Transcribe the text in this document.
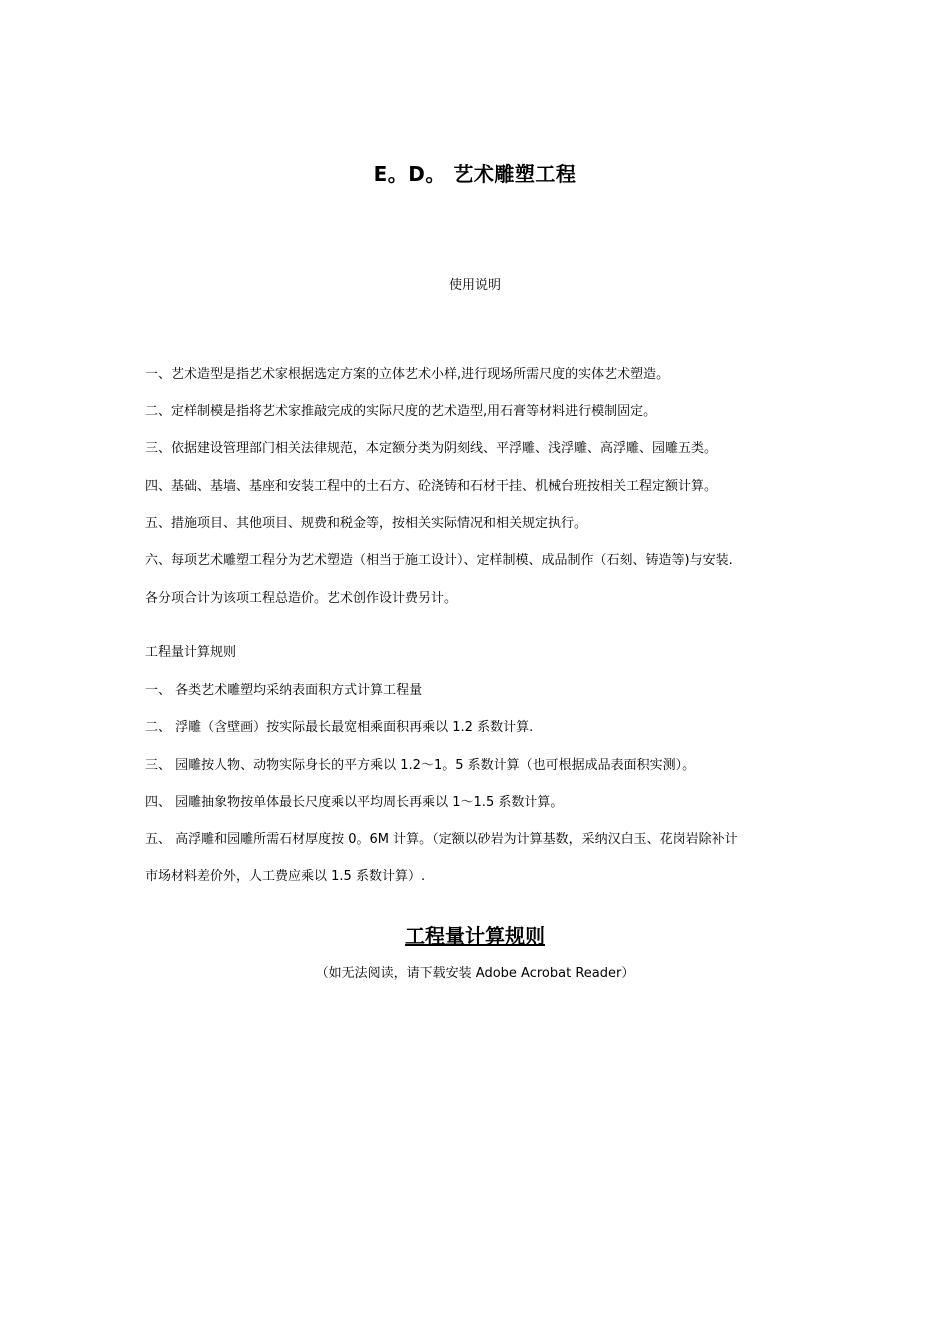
E。D。 艺术雕塑工程
使用说明
一、艺术造型是指艺术家根据选定方案的立体艺术小样,进行现场所需尺度的实体艺术塑造。
二、定样制模是指将艺术家推敲完成的实际尺度的艺术造型,用石膏等材料进行模制固定。
三、依据建设管理部门相关法律规范，本定额分类为阴刻线、平浮雕、浅浮雕、高浮雕、园雕五类。
四、基础、基墙、基座和安装工程中的土石方、砼浇铸和石材干挂、机械台班按相关工程定额计算。
五、措施项目、其他项目、规费和税金等，按相关实际情况和相关规定执行。
六、每项艺术雕塑工程分为艺术塑造（相当于施工设计）、定样制模、成品制作（石刻、铸造等)与安装.
各分项合计为该项工程总造价。艺术创作设计费另计。
工程量计算规则
一、 各类艺术雕塑均采纳表面积方式计算工程量
二、 浮雕（含壁画）按实际最长最宽相乘面积再乘以 1.2 系数计算.
三、 园雕按人物、动物实际身长的平方乘以 1.2～1。5 系数计算（也可根据成品表面积实测）。
四、 园雕抽象物按单体最长尺度乘以平均周长再乘以 1～1.5 系数计算。
五、 高浮雕和园雕所需石材厚度按 0。6M 计算。（定额以砂岩为计算基数，采纳汉白玉、花岗岩除补计
市场材料差价外，人工费应乘以 1.5 系数计算）.
工程量计算规则
（如无法阅读，请下载安装 Adobe Acrobat Reader）
